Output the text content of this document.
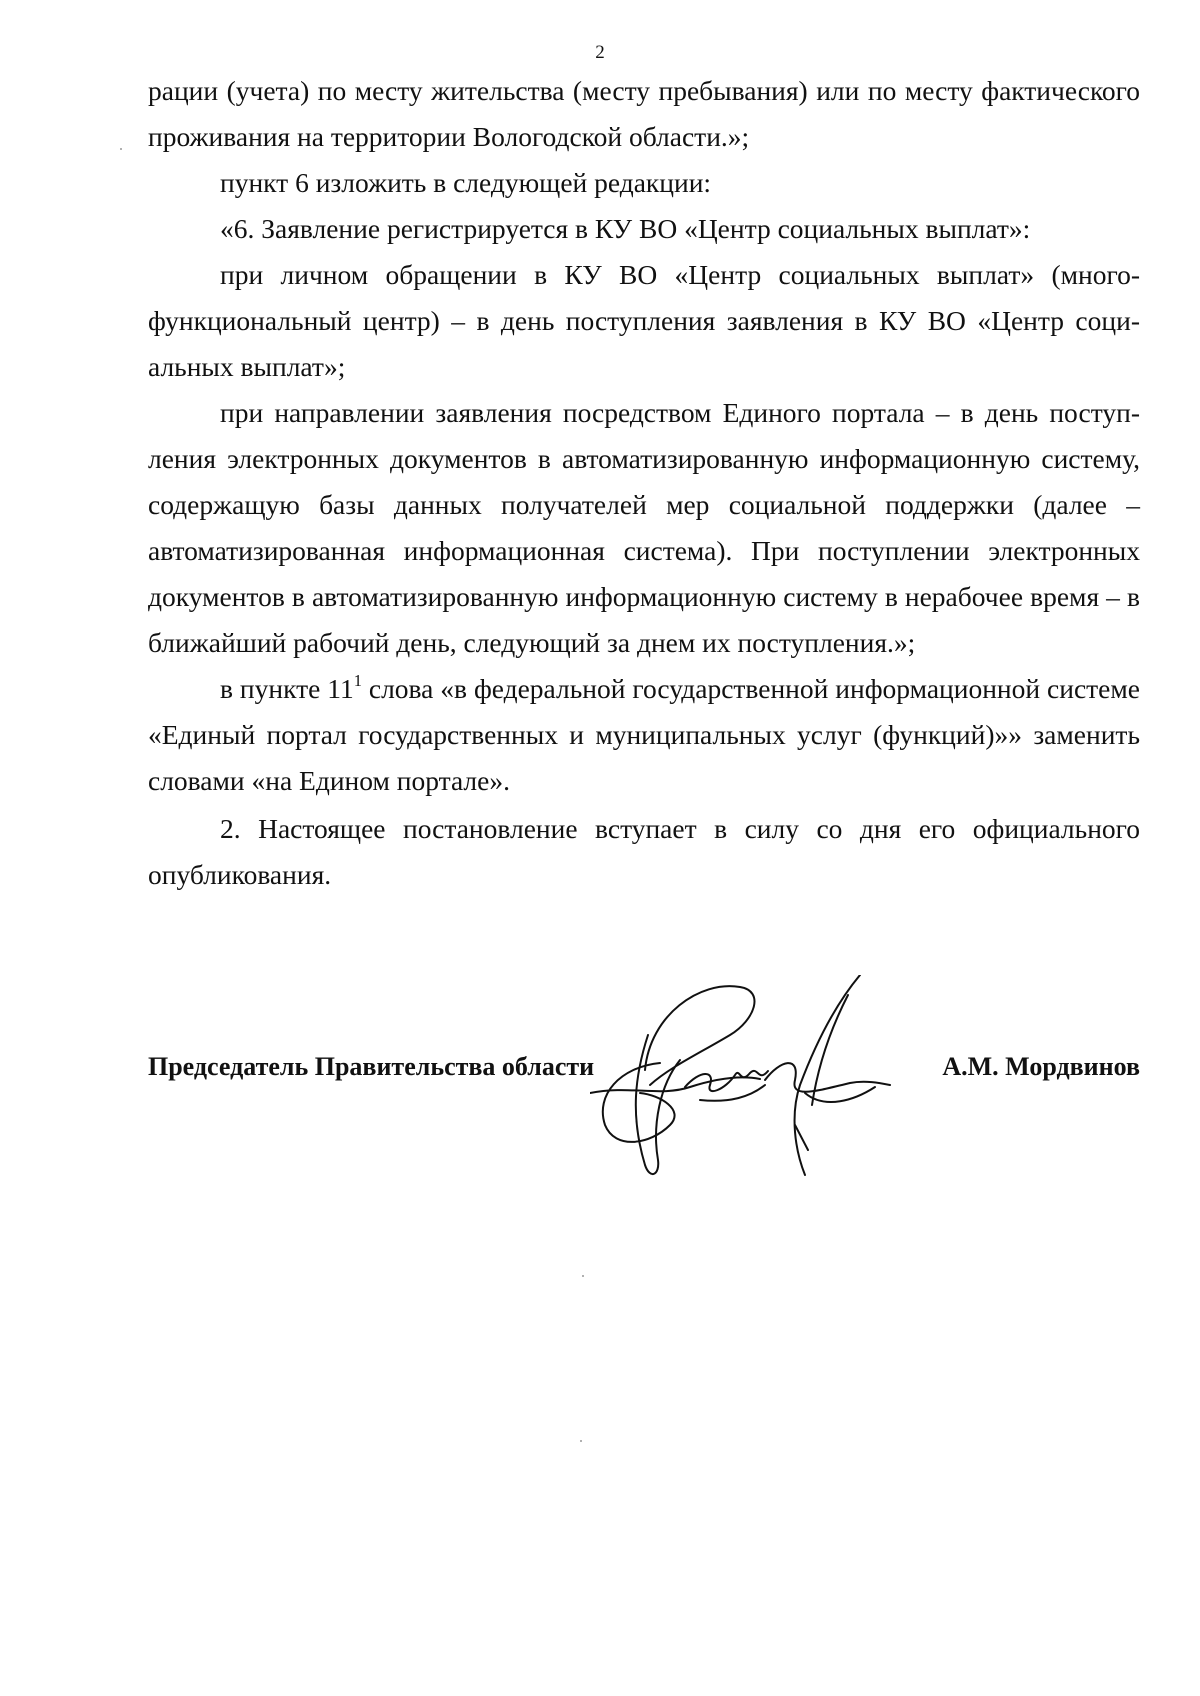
2

рации (учета) по месту жительства (месту пребывания) или по месту фактического проживания на территории Вологодской области.»;

пункт 6 изложить в следующей редакции:

«6. Заявление регистрируется в КУ ВО «Центр социальных выплат»:

при личном обращении в КУ ВО «Центр социальных выплат» (многофункциональный центр) – в день поступления заявления в КУ ВО «Центр социальных выплат»;

при направлении заявления посредством Единого портала – в день поступления электронных документов в автоматизированную информационную систему, содержащую базы данных получателей мер социальной поддержки (далее – автоматизированная информационная система). При поступлении электронных документов в автоматизированную информационную систему в нерабочее время – в ближайший рабочий день, следующий за днем их поступления.»;

в пункте $11^1$ слова «в федеральной государственной информационной системе «Единый портал государственных и муниципальных услуг (функций)»» заменить словами «на Едином портале».

2. Настоящее постановление вступает в силу со дня его официального опубликования.

Председатель Правительства области	А.М. Мордвинов
